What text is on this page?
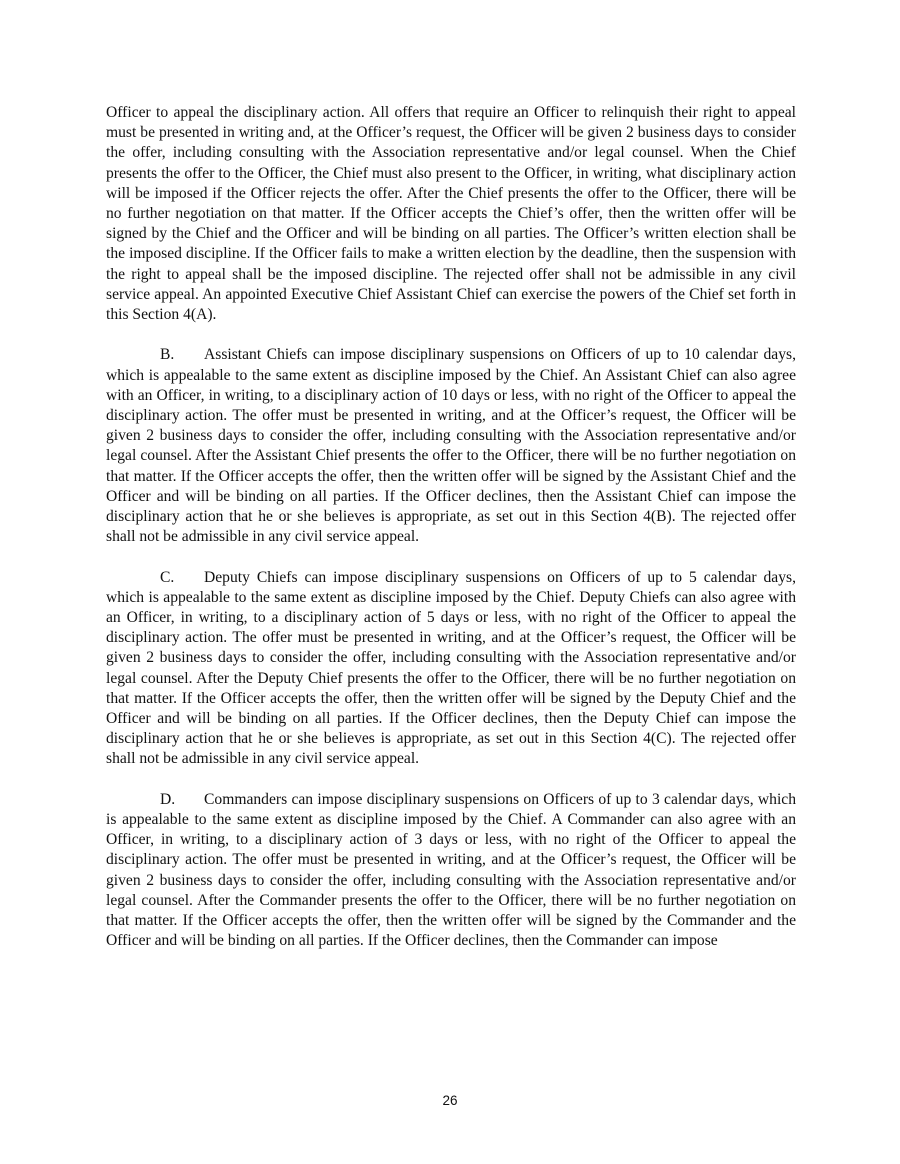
Officer to appeal the disciplinary action. All offers that require an Officer to relinquish their right to appeal must be presented in writing and, at the Officer’s request, the Officer will be given 2 business days to consider the offer, including consulting with the Association representative and/or legal counsel. When the Chief presents the offer to the Officer, the Chief must also present to the Officer, in writing, what disciplinary action will be imposed if the Officer rejects the offer. After the Chief presents the offer to the Officer, there will be no further negotiation on that matter. If the Officer accepts the Chief’s offer, then the written offer will be signed by the Chief and the Officer and will be binding on all parties. The Officer’s written election shall be the imposed discipline. If the Officer fails to make a written election by the deadline, then the suspension with the right to appeal shall be the imposed discipline. The rejected offer shall not be admissible in any civil service appeal. An appointed Executive Chief Assistant Chief can exercise the powers of the Chief set forth in this Section 4(A).

B. Assistant Chiefs can impose disciplinary suspensions on Officers of up to 10 calendar days, which is appealable to the same extent as discipline imposed by the Chief. An Assistant Chief can also agree with an Officer, in writing, to a disciplinary action of 10 days or less, with no right of the Officer to appeal the disciplinary action. The offer must be presented in writing, and at the Officer’s request, the Officer will be given 2 business days to consider the offer, including consulting with the Association representative and/or legal counsel. After the Assistant Chief presents the offer to the Officer, there will be no further negotiation on that matter. If the Officer accepts the offer, then the written offer will be signed by the Assistant Chief and the Officer and will be binding on all parties. If the Officer declines, then the Assistant Chief can impose the disciplinary action that he or she believes is appropriate, as set out in this Section 4(B). The rejected offer shall not be admissible in any civil service appeal.

C. Deputy Chiefs can impose disciplinary suspensions on Officers of up to 5 calendar days, which is appealable to the same extent as discipline imposed by the Chief. Deputy Chiefs can also agree with an Officer, in writing, to a disciplinary action of 5 days or less, with no right of the Officer to appeal the disciplinary action. The offer must be presented in writing, and at the Officer’s request, the Officer will be given 2 business days to consider the offer, including consulting with the Association representative and/or legal counsel. After the Deputy Chief presents the offer to the Officer, there will be no further negotiation on that matter. If the Officer accepts the offer, then the written offer will be signed by the Deputy Chief and the Officer and will be binding on all parties. If the Officer declines, then the Deputy Chief can impose the disciplinary action that he or she believes is appropriate, as set out in this Section 4(C). The rejected offer shall not be admissible in any civil service appeal.

D. Commanders can impose disciplinary suspensions on Officers of up to 3 calendar days, which is appealable to the same extent as discipline imposed by the Chief. A Commander can also agree with an Officer, in writing, to a disciplinary action of 3 days or less, with no right of the Officer to appeal the disciplinary action. The offer must be presented in writing, and at the Officer’s request, the Officer will be given 2 business days to consider the offer, including consulting with the Association representative and/or legal counsel. After the Commander presents the offer to the Officer, there will be no further negotiation on that matter. If the Officer accepts the offer, then the written offer will be signed by the Commander and the Officer and will be binding on all parties. If the Officer declines, then the Commander can impose

26
